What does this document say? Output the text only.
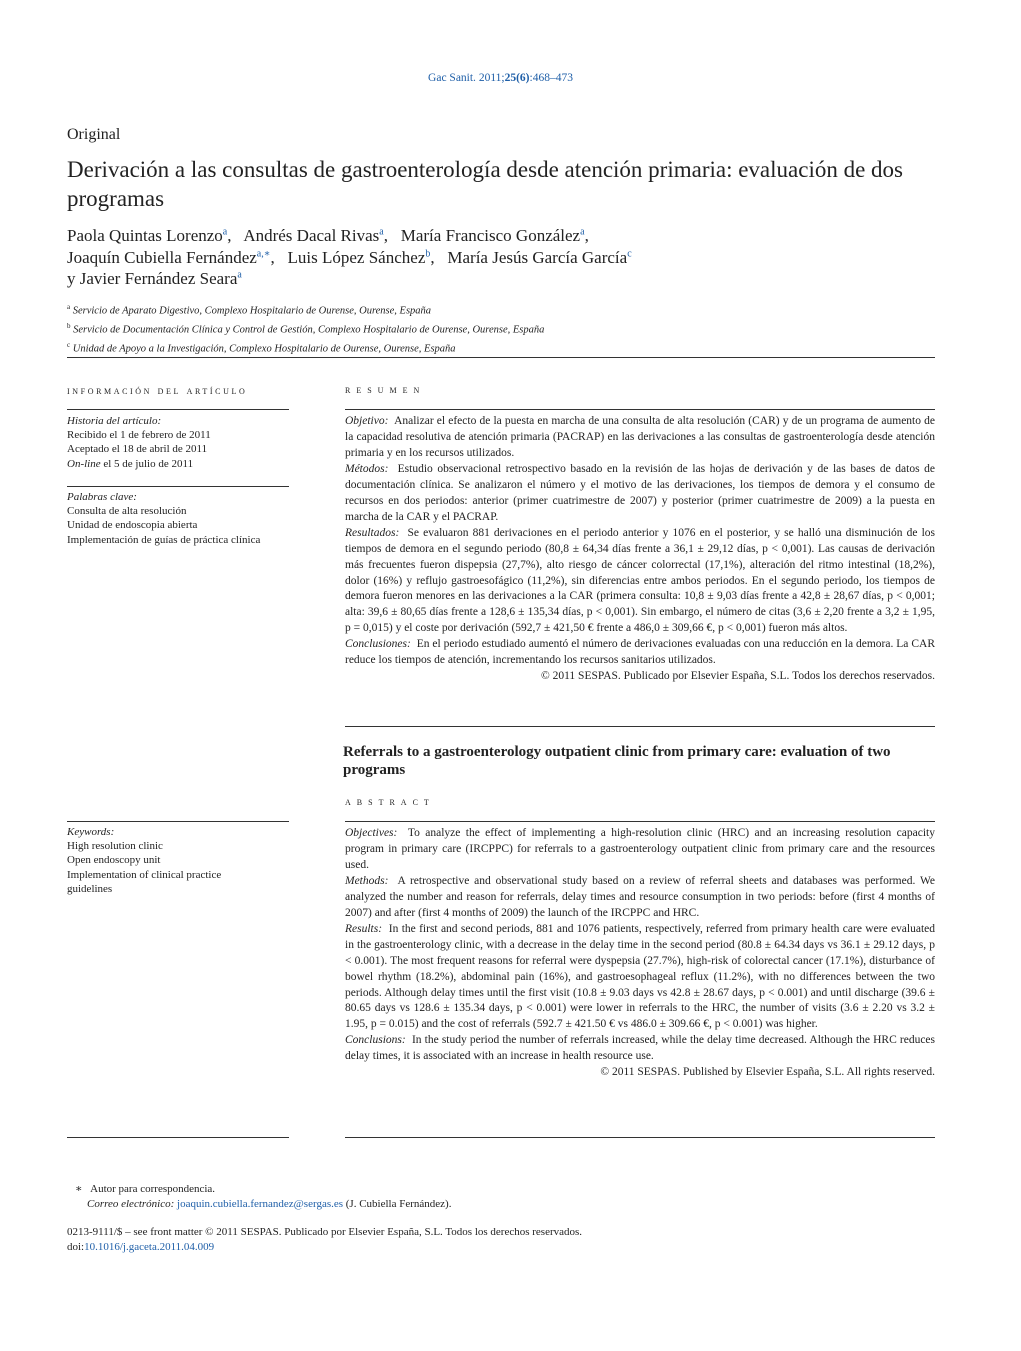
Gac Sanit. 2011;25(6):468–473
Original
Derivación a las consultas de gastroenterología desde atención primaria: evaluación de dos programas
Paola Quintas Lorenzo$^a$,   Andrés Dacal Rivas$^a$,   María Francisco González$^a$,
Joaquín Cubiella Fernández$^{a,∗}$,   Luis López Sánchez$^b$,   María Jesús García García$^c$
y Javier Fernández Seara$^a$
$^a$ Servicio de Aparato Digestivo, Complexo Hospitalario de Ourense, Ourense, España
$^b$ Servicio de Documentación Clínica y Control de Gestión, Complexo Hospitalario de Ourense, Ourense, España
$^c$ Unidad de Apoyo a la Investigación, Complexo Hospitalario de Ourense, Ourense, España
información del artículo
Historia del artículo:
Recibido el 1 de febrero de 2011
Aceptado el 18 de abril de 2011
On-line el 5 de julio de 2011
Palabras clave:
Consulta de alta resolución
Unidad de endoscopia abierta
Implementación de guías de práctica clínica
resumen

Objetivo: Analizar el efecto de la puesta en marcha de una consulta de alta resolución (CAR) y de un programa de aumento de la capacidad resolutiva de atención primaria (PACRAP) en las derivaciones a las consultas de gastroenterología desde atención primaria y en los recursos utilizados.

Métodos: Estudio observacional retrospectivo basado en la revisión de las hojas de derivación y de las bases de datos de documentación clínica. Se analizaron el número y el motivo de las derivaciones, los tiempos de demora y el consumo de recursos en dos periodos: anterior (primer cuatrimestre de 2007) y posterior (primer cuatrimestre de 2009) a la puesta en marcha de la CAR y el PACRAP.

Resultados: Se evaluaron 881 derivaciones en el periodo anterior y 1076 en el posterior, y se halló una disminución de los tiempos de demora en el segundo periodo (80,8 ± 64,34 días frente a 36,1 ± 29,12 días, p < 0,001). Las causas de derivación más frecuentes fueron dispepsia (27,7%), alto riesgo de cáncer colorrectal (17,1%), alteración del ritmo intestinal (18,2%), dolor (16%) y reflujo gastroesofágico (11,2%), sin diferencias entre ambos periodos. En el segundo periodo, los tiempos de demora fueron menores en las derivaciones a la CAR (primera consulta: 10,8 ± 9,03 días frente a 42,8 ± 28,67 días, p < 0,001; alta: 39,6 ± 80,65 días frente a 128,6 ± 135,34 días, p < 0,001). Sin embargo, el número de citas (3,6 ± 2,20 frente a 3,2 ± 1,95, p = 0,015) y el coste por derivación (592,7 ± 421,50 € frente a 486,0 ± 309,66 €, p < 0,001) fueron más altos.

Conclusiones: En el periodo estudiado aumentó el número de derivaciones evaluadas con una reducción en la demora. La CAR reduce los tiempos de atención, incrementando los recursos sanitarios utilizados.

© 2011 SESPAS. Publicado por Elsevier España, S.L. Todos los derechos reservados.

Referrals to a gastroenterology outpatient clinic from primary care: evaluation of two programs
abstract
Keywords:
High resolution clinic
Open endoscopy unit
Implementation of clinical practice guidelines

Objectives: To analyze the effect of implementing a high-resolution clinic (HRC) and an increasing resolution capacity program in primary care (IRCPPC) for referrals to a gastroenterology outpatient clinic from primary care and the resources used.

Methods: A retrospective and observational study based on a review of referral sheets and databases was performed. We analyzed the number and reason for referrals, delay times and resource consumption in two periods: before (first 4 months of 2007) and after (first 4 months of 2009) the launch of the IRCPPC and HRC.

Results: In the first and second periods, 881 and 1076 patients, respectively, referred from primary health care were evaluated in the gastroenterology clinic, with a decrease in the delay time in the second period (80.8 ± 64.34 days vs 36.1 ± 29.12 days, p < 0.001). The most frequent reasons for referral were dyspepsia (27.7%), high-risk of colorectal cancer (17.1%), disturbance of bowel rhythm (18.2%), abdominal pain (16%), and gastroesophageal reflux (11.2%), with no differences between the two periods. Although delay times until the first visit (10.8 ± 9.03 days vs 42.8 ± 28.67 days, p < 0.001) and until discharge (39.6 ± 80.65 days vs 128.6 ± 135.34 days, p < 0.001) were lower in referrals to the HRC, the number of visits (3.6 ± 2.20 vs 3.2 ± 1.95, p = 0.015) and the cost of referrals (592.7 ± 421.50 € vs 486.0 ± 309.66 €, p < 0.001) was higher.

Conclusions: In the study period the number of referrals increased, while the delay time decreased. Although the HRC reduces delay times, it is associated with an increase in health resource use.

© 2011 SESPAS. Published by Elsevier España, S.L. All rights reserved.

∗ Autor para correspondencia.
Correo electrónico: joaquin.cubiella.fernandez@sergas.es (J. Cubiella Fernández).
0213-9111/$ – see front matter © 2011 SESPAS. Publicado por Elsevier España, S.L. Todos los derechos reservados.
doi:10.1016/j.gaceta.2011.04.009
